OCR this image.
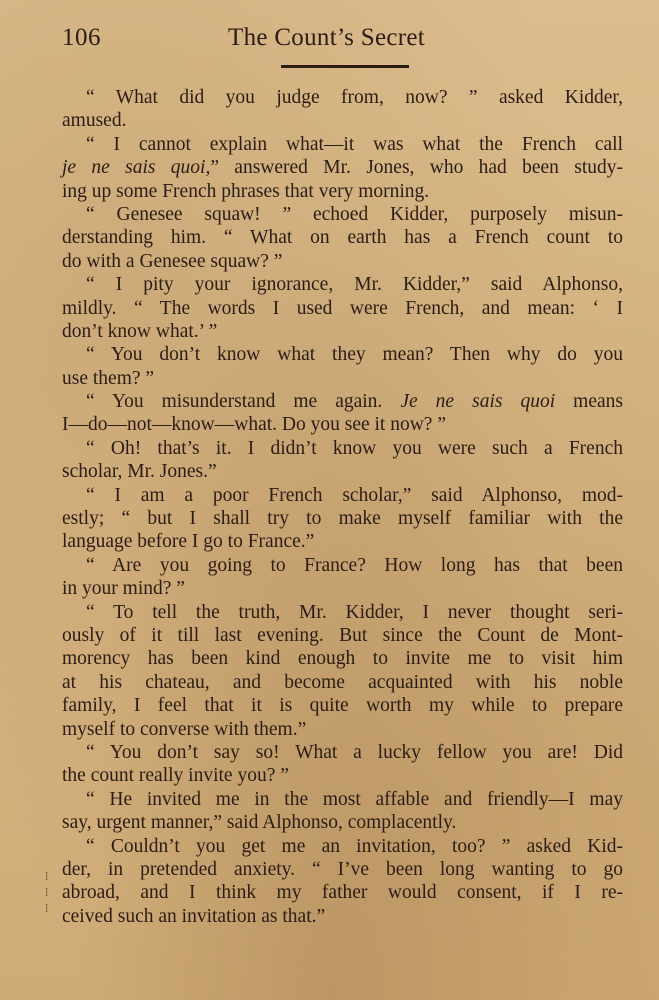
106	The Count’s Secret
“ What did you judge from, now? ” asked Kidder,
amused.
“ I cannot explain what—it was what the French call
je ne sais quoi,” answered Mr. Jones, who had been study-
ing up some French phrases that very morning.
“ Genesee squaw! ” echoed Kidder, purposely misun-
derstanding him. “ What on earth has a French count to
do with a Genesee squaw? ”
“ I pity your ignorance, Mr. Kidder,” said Alphonso,
mildly. “ The words I used were French, and mean: ‘ I
don’t know what.’ ”
“ You don’t know what they mean? Then why do you
use them? ”
“ You misunderstand me again. Je ne sais quoi means
I—do—not—know—what. Do you see it now? ”
“ Oh! that’s it. I didn’t know you were such a French
scholar, Mr. Jones.”
“ I am a poor French scholar,” said Alphonso, mod-
estly; “ but I shall try to make myself familiar with the
language before I go to France.”
“ Are you going to France? How long has that been
in your mind? ”
“ To tell the truth, Mr. Kidder, I never thought seri-
ously of it till last evening. But since the Count de Mont-
morency has been kind enough to invite me to visit him
at his chateau, and become acquainted with his noble
family, I feel that it is quite worth my while to prepare
myself to converse with them.”
“ You don’t say so! What a lucky fellow you are! Did
the count really invite you? ”
“ He invited me in the most affable and friendly—I may
say, urgent manner,” said Alphonso, complacently.
“ Couldn’t you get me an invitation, too? ” asked Kid-
der, in pretended anxiety. “ I’ve been long wanting to go
abroad, and I think my father would consent, if I re-
ceived such an invitation as that.”
⁞
⁞
⁞
